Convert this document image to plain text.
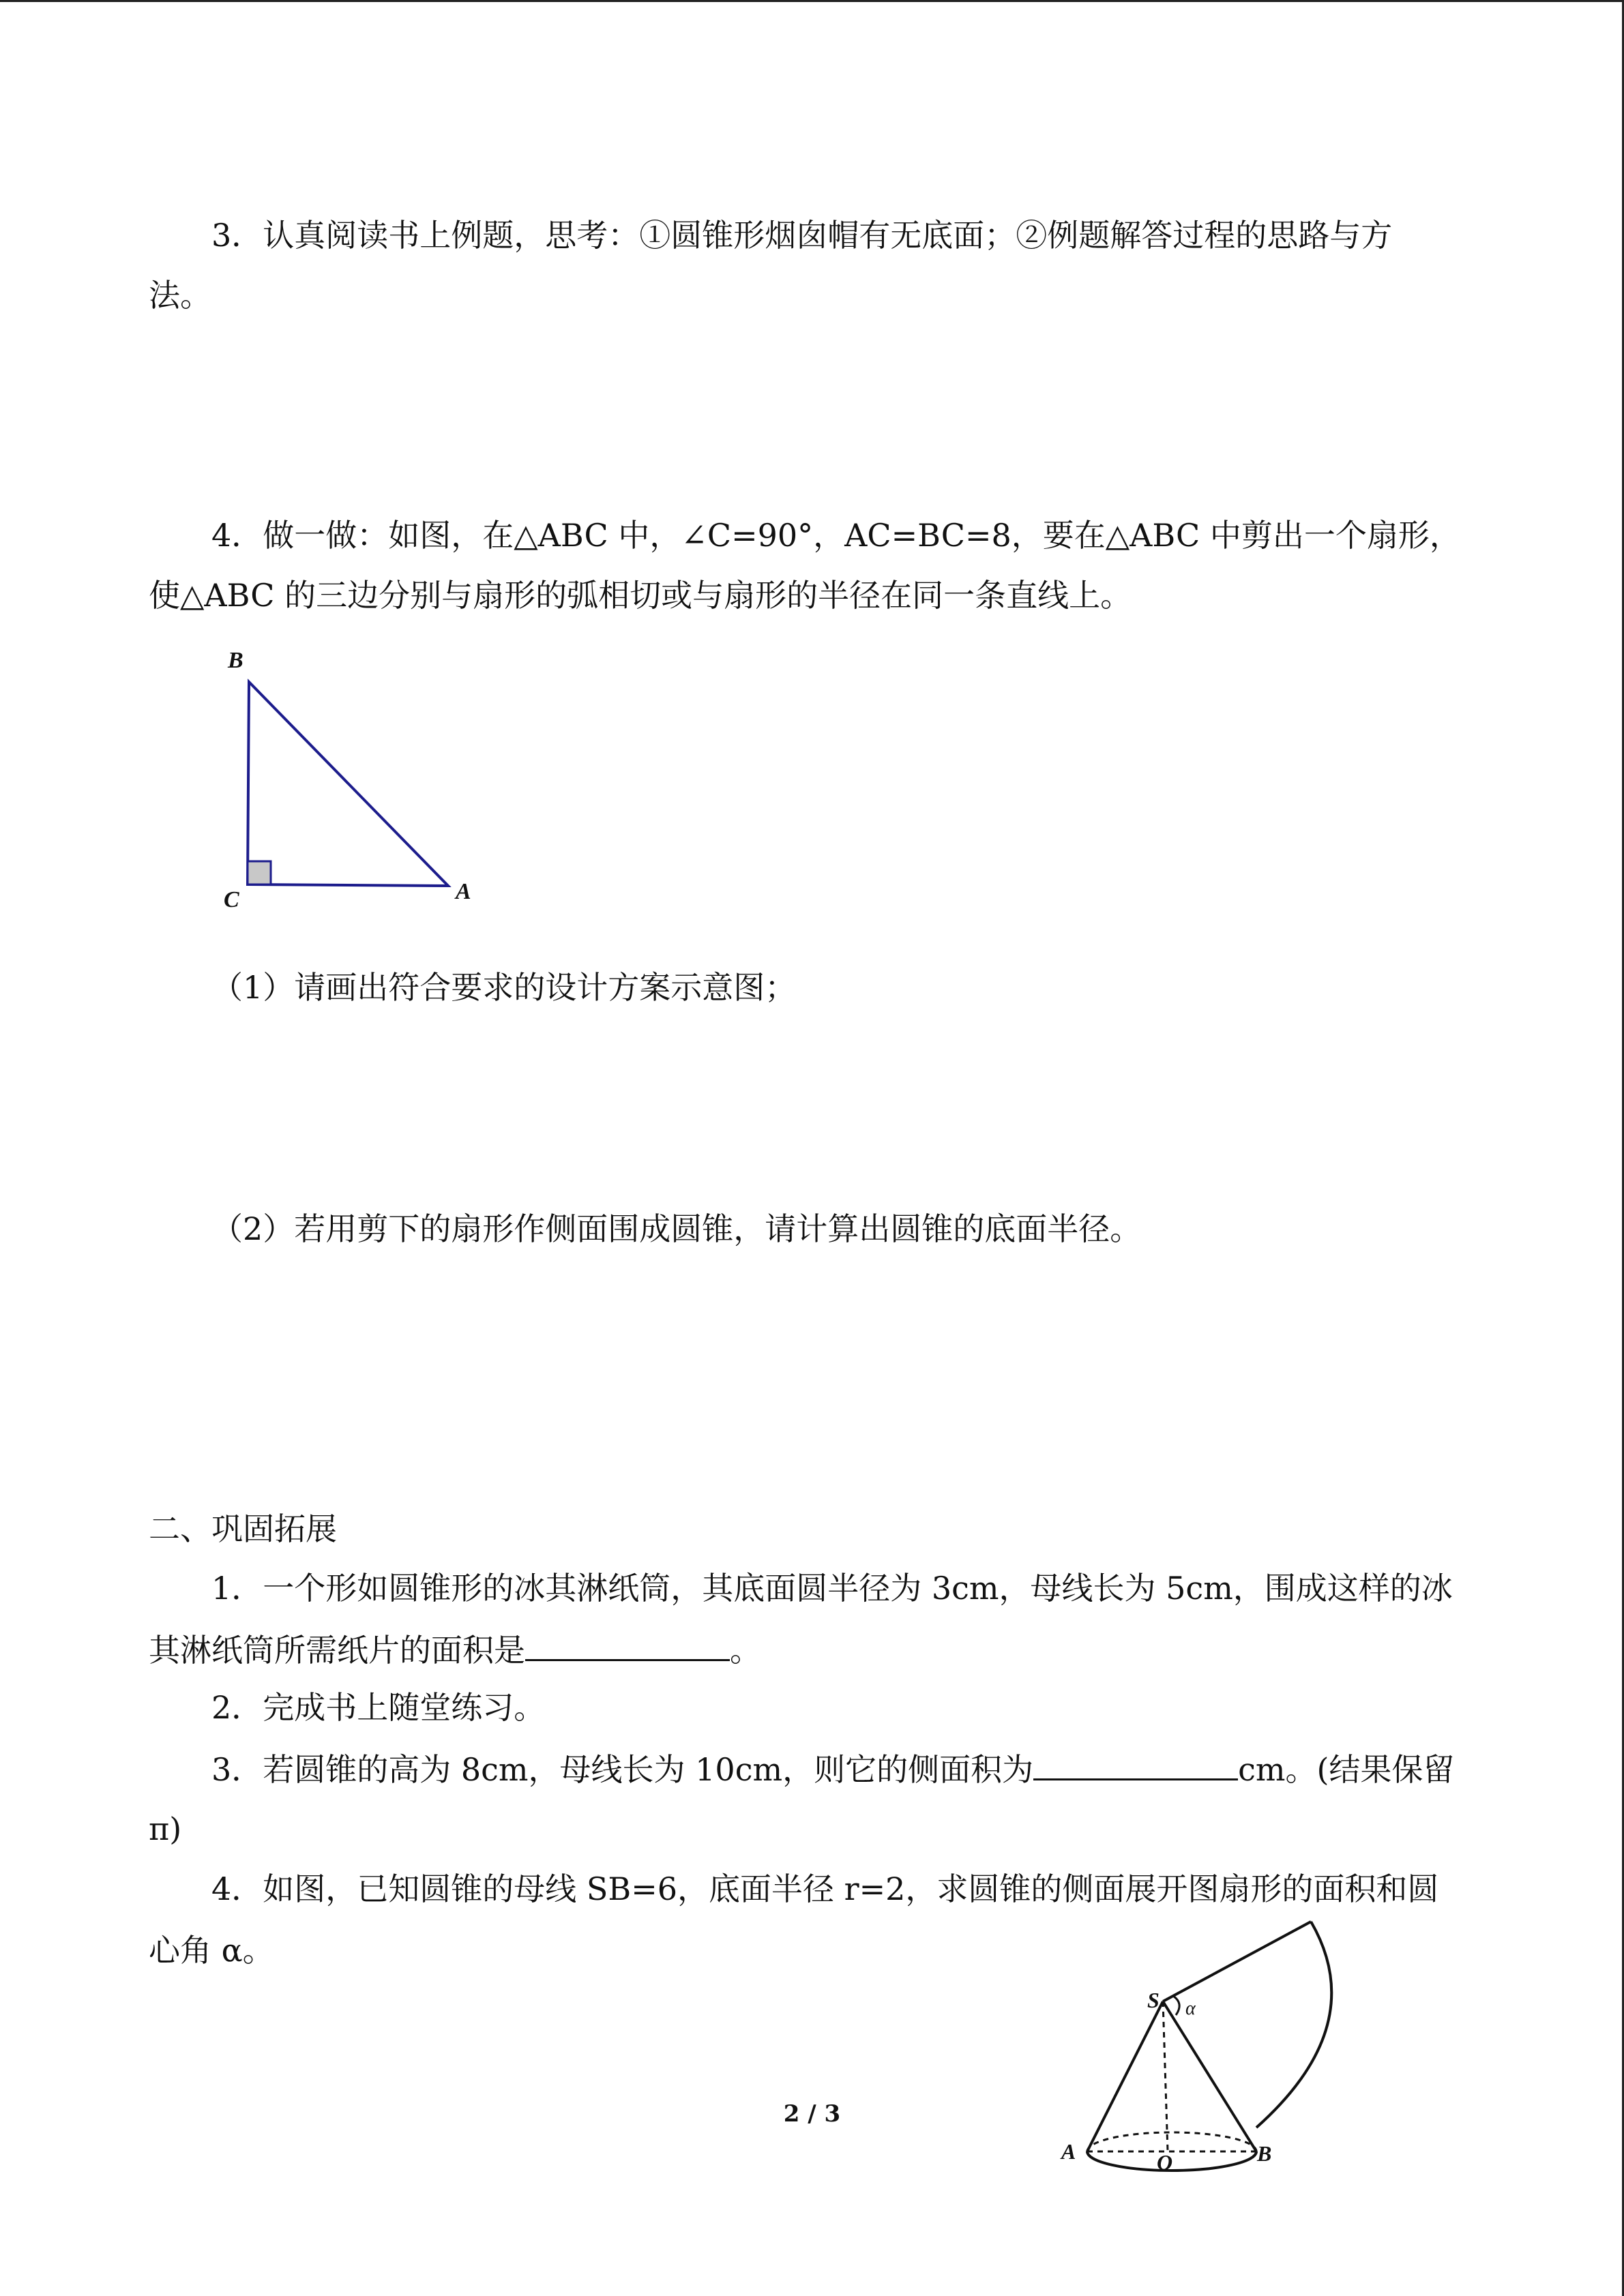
3．认真阅读书上例题，思考：①圆锥形烟囱帽有无底面；②例题解答过程的思路与方
法。
4．做一做：如图，在△ABC 中，∠C=90°，AC=BC=8，要在△ABC 中剪出一个扇形，
使△ABC 的三边分别与扇形的弧相切或与扇形的半径在同一条直线上。
B
C	A
（1）请画出符合要求的设计方案示意图；
（2）若用剪下的扇形作侧面围成圆锥，请计算出圆锥的底面半径。
二、巩固拓展
1．一个形如圆锥形的冰其淋纸筒，其底面圆半径为 3cm，母线长为 5cm，围成这样的冰
其淋纸筒所需纸片的面积是	。
2．完成书上随堂练习。
3．若圆锥的高为 8cm，母线长为 10cm，则它的侧面积为	cm。(结果保留
π)
4．如图，已知圆锥的母线 SB=6，底面半径 r=2，求圆锥的侧面展开图扇形的面积和圆
心角 α。
S α
A	O	B
2 / 3
